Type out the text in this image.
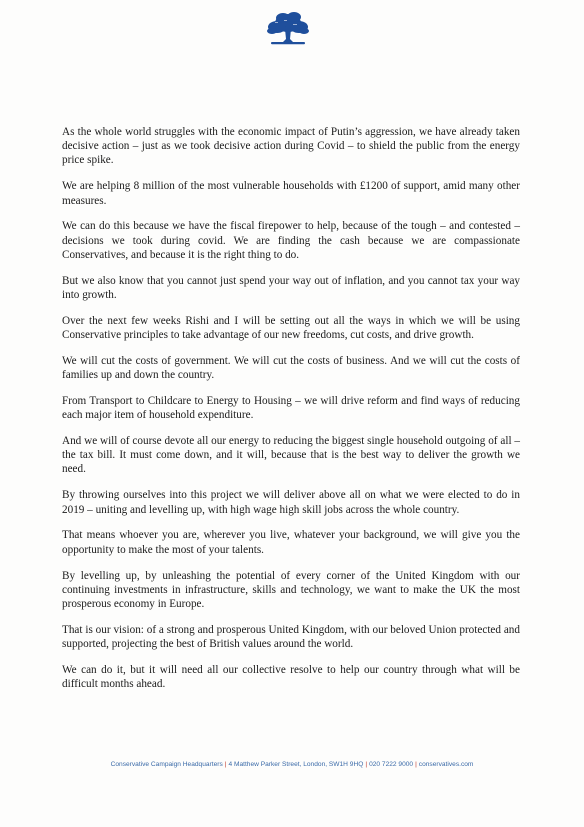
As the whole world struggles with the economic impact of Putin’s aggression, we have already taken decisive action – just as we took decisive action during Covid – to shield the public from the energy price spike.

We are helping 8 million of the most vulnerable households with £1200 of support, amid many other measures.

We can do this because we have the fiscal firepower to help, because of the tough – and contested – decisions we took during covid. We are finding the cash because we are compassionate Conservatives, and because it is the right thing to do.

But we also know that you cannot just spend your way out of inflation, and you cannot tax your way into growth.

Over the next few weeks Rishi and I will be setting out all the ways in which we will be using Conservative principles to take advantage of our new freedoms, cut costs, and drive growth.

We will cut the costs of government. We will cut the costs of business. And we will cut the costs of families up and down the country.

From Transport to Childcare to Energy to Housing – we will drive reform and find ways of reducing each major item of household expenditure.

And we will of course devote all our energy to reducing the biggest single household outgoing of all – the tax bill. It must come down, and it will, because that is the best way to deliver the growth we need.

By throwing ourselves into this project we will deliver above all on what we were elected to do in 2019 – uniting and levelling up, with high wage high skill jobs across the whole country.

That means whoever you are, wherever you live, whatever your background, we will give you the opportunity to make the most of your talents.

By levelling up, by unleashing the potential of every corner of the United Kingdom with our continuing investments in infrastructure, skills and technology, we want to make the UK the most prosperous economy in Europe.

That is our vision: of a strong and prosperous United Kingdom, with our beloved Union protected and supported, projecting the best of British values around the world.

We can do it, but it will need all our collective resolve to help our country through what will be difficult months ahead.

Conservative Campaign Headquarters | 4 Matthew Parker Street, London, SW1H 9HQ | 020 7222 9000 | conservatives.com
